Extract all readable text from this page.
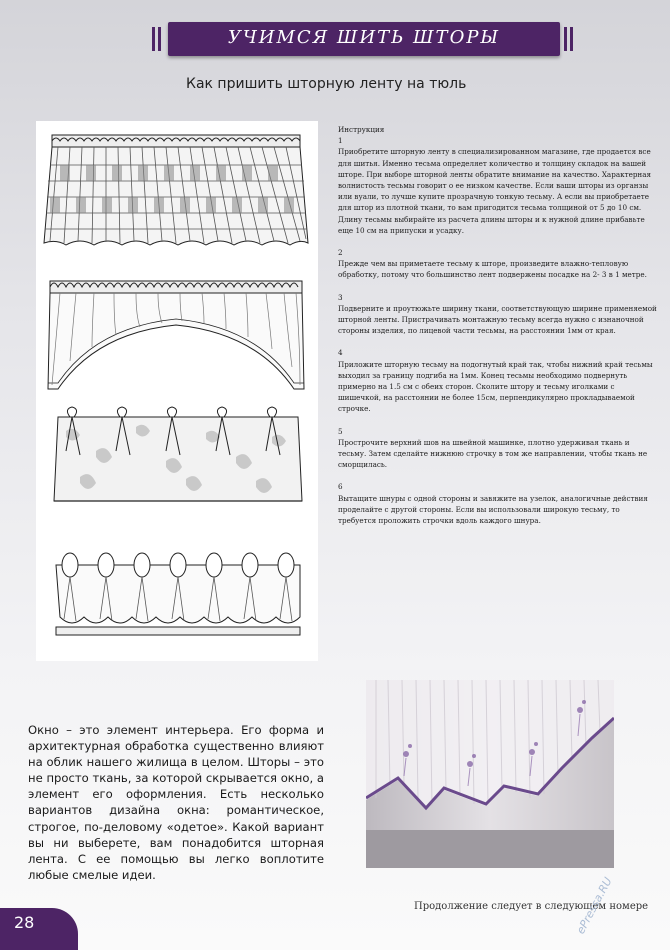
УЧИМСЯ ШИТЬ ШТОРЫ
Как пришить шторную ленту на тюль

Инструкция

1

Приобретите шторную ленту в специализированном магазине, где продается все для шитья. Именно тесьма определяет количество и толщину складок на вашей шторе. При выборе шторной ленты обратите внимание на качество. Характерная волнистость тесьмы говорит о ее низком качестве. Если ваши шторы из органзы или вуали, то лучше купите прозрачную тонкую тесьму. А если вы приобретаете для штор из плотной ткани, то вам пригодится тесьма толщиной от 5 до 10 см. Длину тесьмы выбирайте из расчета длины шторы и к нужной длине прибавьте еще 10 см на припуски и усадку.

2

Прежде чем вы приметаете тесьму к шторе, произведите влажно-тепловую обработку, потому что большинство лент подвержены посадке на 2- 3 в 1 метре.

3

Подверните и проутюжьте ширину ткани, соответствующую ширине применяемой шторной ленты. Пристрачивать монтажную тесьму всегда нужно с изнаночной стороны изделия, по лицевой части тесьмы, на расстоянии 1мм от края.

4

Приложите шторную тесьму на подогнутый край так, чтобы нижний край тесьмы выходил за границу подгиба на 1мм. Конец тесьмы необходимо подвернуть примерно на 1.5 см с обеих сторон. Сколите штору и тесьму иголками с шишечкой, на расстоянии не более 15см, перпендикулярно прокладываемой строчке.

5

Прострочите верхний шов на швейной машинке, плотно удерживая ткань и тесьму. Затем сделайте нижнюю строчку в том же направлении, чтобы ткань не сморщилась.

6

Вытащите шнуры с одной стороны и завяжите на узелок, аналогичные действия проделайте с другой стороны. Если вы использовали широкую тесьму, то требуется проложить строчки вдоль каждого шнура.

Окно – это элемент интерьера. Его форма и архитектурная обработка существенно влияют на облик нашего жилища в целом. Шторы – это не просто ткань, за которой скрывается окно, а элемент его оформления. Есть несколько вариантов дизайна окна: романтическое, строгое, по-деловому «одетое». Какой вариант вы ни выберете, вам понадобится шторная лента. С ее помощью вы легко воплотите любые смелые идеи.
Продолжение следует в следующем номере
28	ePressa.RU
